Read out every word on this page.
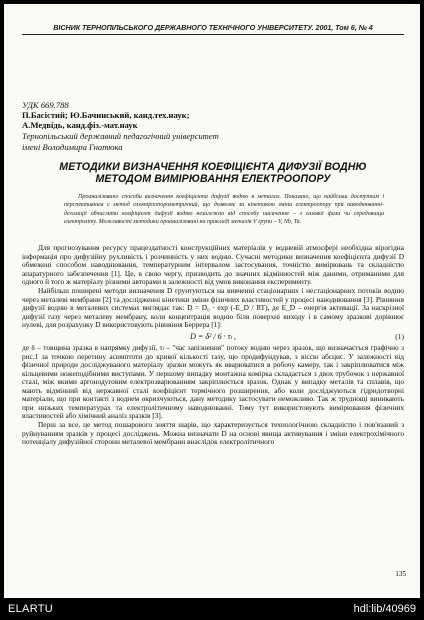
ВІСНИК ТЕРНОПІЛЬСЬКОГО ДЕРЖАВНОГО ТЕХНІЧНОГО УНІВЕРСИТЕТУ. 2001, Том 6, № 4
УДК 669.788
П.Басістий; Ю.Бачинський, канд.тех.наук;
А.Медвідь, канд.фіз.-мат.наук
Тернопільський державний педагогічний університет
імені Володимира Гнатюка
МЕТОДИКИ ВИЗНАЧЕННЯ КОЕФІЦІЄНТА ДИФУЗІЇ ВОДНЮ
МЕТОДОМ ВИМІРЮВАННЯ ЕЛЕКТРООПОРУ

Проаналізовано способи визначення коефіцієнта дифузії водню в металах. Показано, що найбільш доступним і перспективним є метод електроопорометричний, що дозволяє за кінетикою зміни електроопору при наводнюванні-дегазації обчислити коефіцієнт дифузії водню незалежно від способу насичення – з газової фази чи середовища електроліту. Можливості методики проаналізовані на прикладі металів V групи – V, Nb, Ta.

Для прогнозування ресурсу працездатності конструкційних матеріалів у водневій атмосфері необхідна вірогідна інформація про дифузійну рухливість і розчинність у них водню. Сучасні методики визначення коефіцієнта дифузії D обмежені способом наводнювання, температурним інтервалом застосування, точністю вимірювань та складністю апаратурного забезпечення [1]. Це, в свою чергу, призводить до значних відмінностей між даними, отриманими для одного й того ж матеріалу різними авторами в залежності від умов виконання експерименту.

Найбільш поширені методи визначення D грунтуються на вивченні стаціонарних і нестаціонарних потоків водню через металеві мембрани [2] та дослідженні кінетики зміни фізичних властивостей у процесі наводнювання [3]. Рівняння дифузії водню в металевих системах виглядає так: D = D₀ · exp (-E_D / RT), де E_D – енергія активації. За наскрізної дифузії газу через металеву мембрану, коли концентрація водню біля поверхні виходу і в самому зразкові дорівнює нулеві, для розрахунку D використовують рівняння Беррера [1]:

D = δ² / 6 · τₗ ,	(1)

де δ – товщина зразка в напрямку дифузії, τₗ – "час запізнення" потоку водню через зразок, що визначається графічно з рис.1 за точкою перетину асимптоти до кривої кількості газу, що продифундував, з віссю абсцис. У залежності від фізичної природи досліджуваного матеріалу зразки можуть як вварюватися в робочу камеру, так і закріплюватися між кільцевими ножеподібними виступами. У першому випадку монтажна комірка складається з двох трубочок з нержавної сталі, між якими аргонодуговим електрозварюванням закріплюється зразок. Однак у випадку металів та сплавів, що мають відмінний від нержавної сталі коефіцієнт термічного розширення, або коли досліджуються гідридотворні матеріали, що при контакті з воднем окрихчуються, дану методику застосувати неможливо. Так ж труднощі виникають при низьких температурах та електролітичному наводнюванні. Тому тут використовують вимірювання фізичних властивостей або хімічний аналіз зразків [3].

Перш за все, це метод пошарового зняття шарів, що характеризується технологічною складністю і пов'язаний з руйнуванням зразків у процесі досліджень. Можна визначати D на основі явища активування і зміни електрохімічного потенціалу дифузійної сторони металевої мембрани внаслідок електролітичного

135
ELARTU	hdl:lib/40969
